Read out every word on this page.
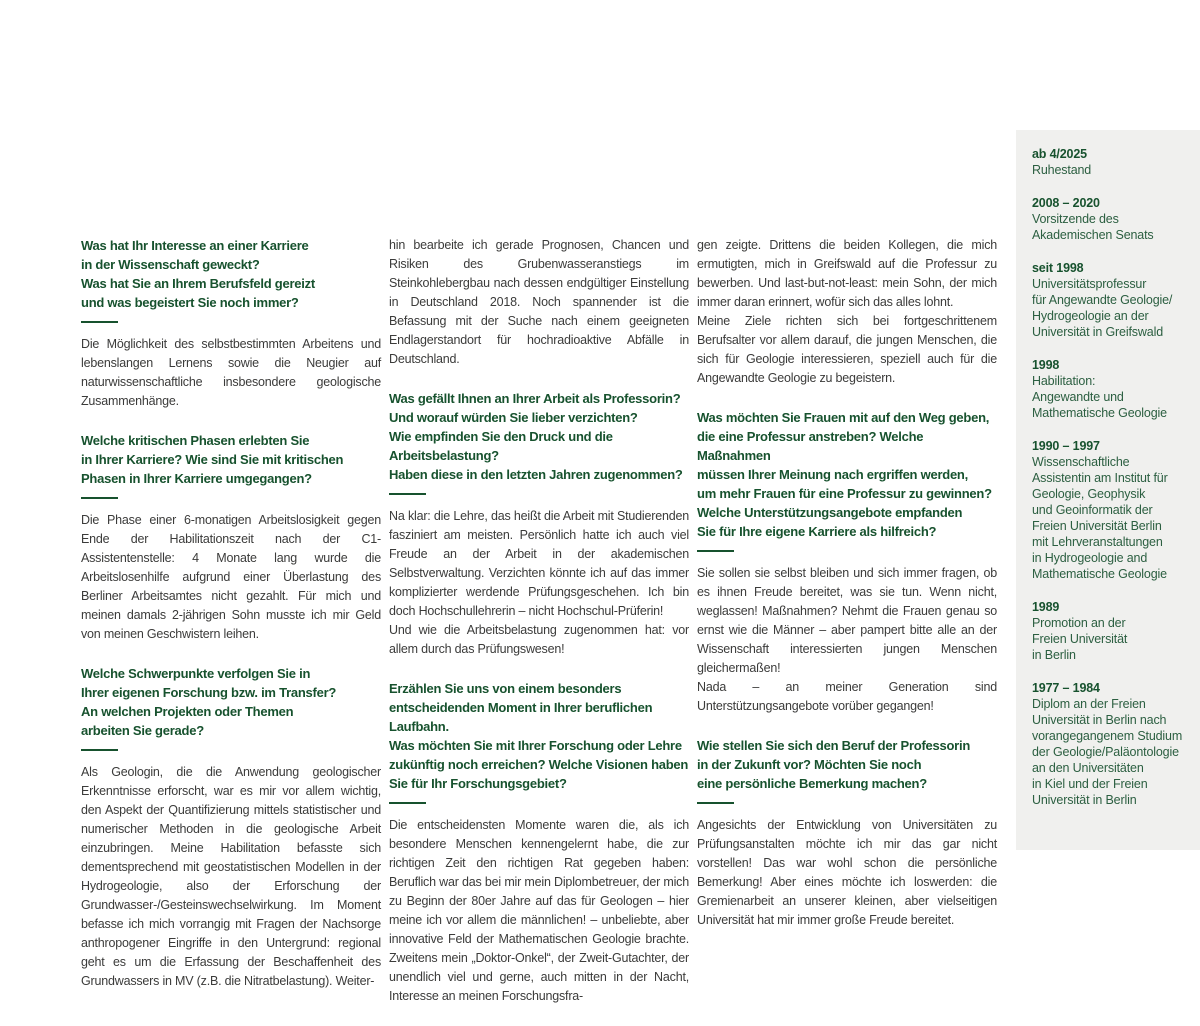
Was hat Ihr Interesse an einer Karriere
in der Wissenschaft geweckt?
Was hat Sie an Ihrem Berufsfeld gereizt
und was begeistert Sie noch immer?

Die Möglichkeit des selbstbestimmten Arbeitens und lebenslangen Lernens sowie die Neugier auf naturwissenschaftliche insbesondere geologische Zusammenhänge.

Welche kritischen Phasen erlebten Sie
in Ihrer Karriere? Wie sind Sie mit kritischen
Phasen in Ihrer Karriere umgegangen?

Die Phase einer 6-monatigen Arbeitslosigkeit gegen Ende der Habilitationszeit nach der C1-Assistentenstelle: 4 Monate lang wurde die Arbeitslosenhilfe aufgrund einer Überlastung des Berliner Arbeitsamtes nicht gezahlt. Für mich und meinen damals 2-jährigen Sohn musste ich mir Geld von meinen Geschwistern leihen.

Welche Schwerpunkte verfolgen Sie in
Ihrer eigenen Forschung bzw. im Transfer?
An welchen Projekten oder Themen
arbeiten Sie gerade?

Als Geologin, die die Anwendung geologischer Erkenntnisse erforscht, war es mir vor allem wichtig, den Aspekt der Quantifizierung mittels statistischer und numerischer Methoden in die geologische Arbeit einzubringen. Meine Habilitation befasste sich dementsprechend mit geostatistischen Modellen in der Hydrogeologie, also der Erforschung der Grundwasser-/Gesteinswechselwirkung. Im Moment befasse ich mich vorrangig mit Fragen der Nachsorge anthropogener Eingriffe in den Untergrund: regional geht es um die Erfassung der Beschaffenheit des Grundwassers in MV (z.B. die Nitratbelastung). Weiter-

hin bearbeite ich gerade Prognosen, Chancen und Risiken des Grubenwasseranstiegs im Steinkohlebergbau nach dessen endgültiger Einstellung in Deutschland 2018. Noch spannender ist die Befassung mit der Suche nach einem geeigneten Endlagerstandort für hochradioaktive Abfälle in Deutschland.

Was gefällt Ihnen an Ihrer Arbeit als Professorin?
Und worauf würden Sie lieber verzichten?
Wie empfinden Sie den Druck und die Arbeitsbelastung?
Haben diese in den letzten Jahren zugenommen?

Na klar: die Lehre, das heißt die Arbeit mit Studierenden fasziniert am meisten. Persönlich hatte ich auch viel Freude an der Arbeit in der akademischen Selbstverwaltung. Verzichten könnte ich auf das immer komplizierter werdende Prüfungsgeschehen. Ich bin doch Hochschullehrerin – nicht Hochschul-Prüferin!

Und wie die Arbeitsbelastung zugenommen hat: vor allem durch das Prüfungswesen!

Erzählen Sie uns von einem besonders
entscheidenden Moment in Ihrer beruflichen Laufbahn.
Was möchten Sie mit Ihrer Forschung oder Lehre
zukünftig noch erreichen? Welche Visionen haben
Sie für Ihr Forschungsgebiet?

Die entscheidensten Momente waren die, als ich besondere Menschen kennengelernt habe, die zur richtigen Zeit den richtigen Rat gegeben haben: Beruflich war das bei mir mein Diplombetreuer, der mich zu Beginn der 80er Jahre auf das für Geologen – hier meine ich vor allem die männlichen! – unbeliebte, aber innovative Feld der Mathematischen Geologie brachte. Zweitens mein „Doktor-Onkel“, der Zweit-Gutachter, der unendlich viel und gerne, auch mitten in der Nacht, Interesse an meinen Forschungsfra-

gen zeigte. Drittens die beiden Kollegen, die mich ermutigten, mich in Greifswald auf die Professur zu bewerben. Und last-but-not-least: mein Sohn, der mich immer daran erinnert, wofür sich das alles lohnt.

Meine Ziele richten sich bei fortgeschrittenem Berufsalter vor allem darauf, die jungen Menschen, die sich für Geologie interessieren, speziell auch für die Angewandte Geologie zu begeistern.

Was möchten Sie Frauen mit auf den Weg geben,
die eine Professur anstreben? Welche Maßnahmen
müssen Ihrer Meinung nach ergriffen werden,
um mehr Frauen für eine Professur zu gewinnen?
Welche Unterstützungsangebote empfanden
Sie für Ihre eigene Karriere als hilfreich?

Sie sollen sie selbst bleiben und sich immer fragen, ob es ihnen Freude bereitet, was sie tun. Wenn nicht, weglassen! Maßnahmen? Nehmt die Frauen genau so ernst wie die Männer – aber pampert bitte alle an der Wissenschaft interessierten jungen Menschen gleichermaßen!

Nada – an meiner Generation sind Unterstützungsangebote vorüber gegangen!

Wie stellen Sie sich den Beruf der Professorin
in der Zukunft vor? Möchten Sie noch
eine persönliche Bemerkung machen?

Angesichts der Entwicklung von Universitäten zu Prüfungsanstalten möchte ich mir das gar nicht vorstellen! Das war wohl schon die persönliche Bemerkung! Aber eines möchte ich loswerden: die Gremienarbeit an unserer kleinen, aber vielseitigen Universität hat mir immer große Freude bereitet.

ab 4/2025
Ruhestand
2008 – 2020
Vorsitzende des
Akademischen Senats
seit 1998
Universitätsprofessur
für Angewandte Geologie/
Hydrogeologie an der
Universität in Greifswald
1998
Habilitation:
Angewandte und
Mathematische Geologie
1990 – 1997
Wissenschaftliche
Assistentin am Institut für
Geologie, Geophysik
und Geoinformatik der
Freien Universität Berlin
mit Lehrveranstaltungen
in Hydrogeologie and
Mathematische Geologie
1989
Promotion an der
Freien Universität
in Berlin
1977 – 1984
Diplom an der Freien
Universität in Berlin nach
vorangegangenem Studium
der Geologie/Paläontologie
an den Universitäten
in Kiel und der Freien
Universität in Berlin
